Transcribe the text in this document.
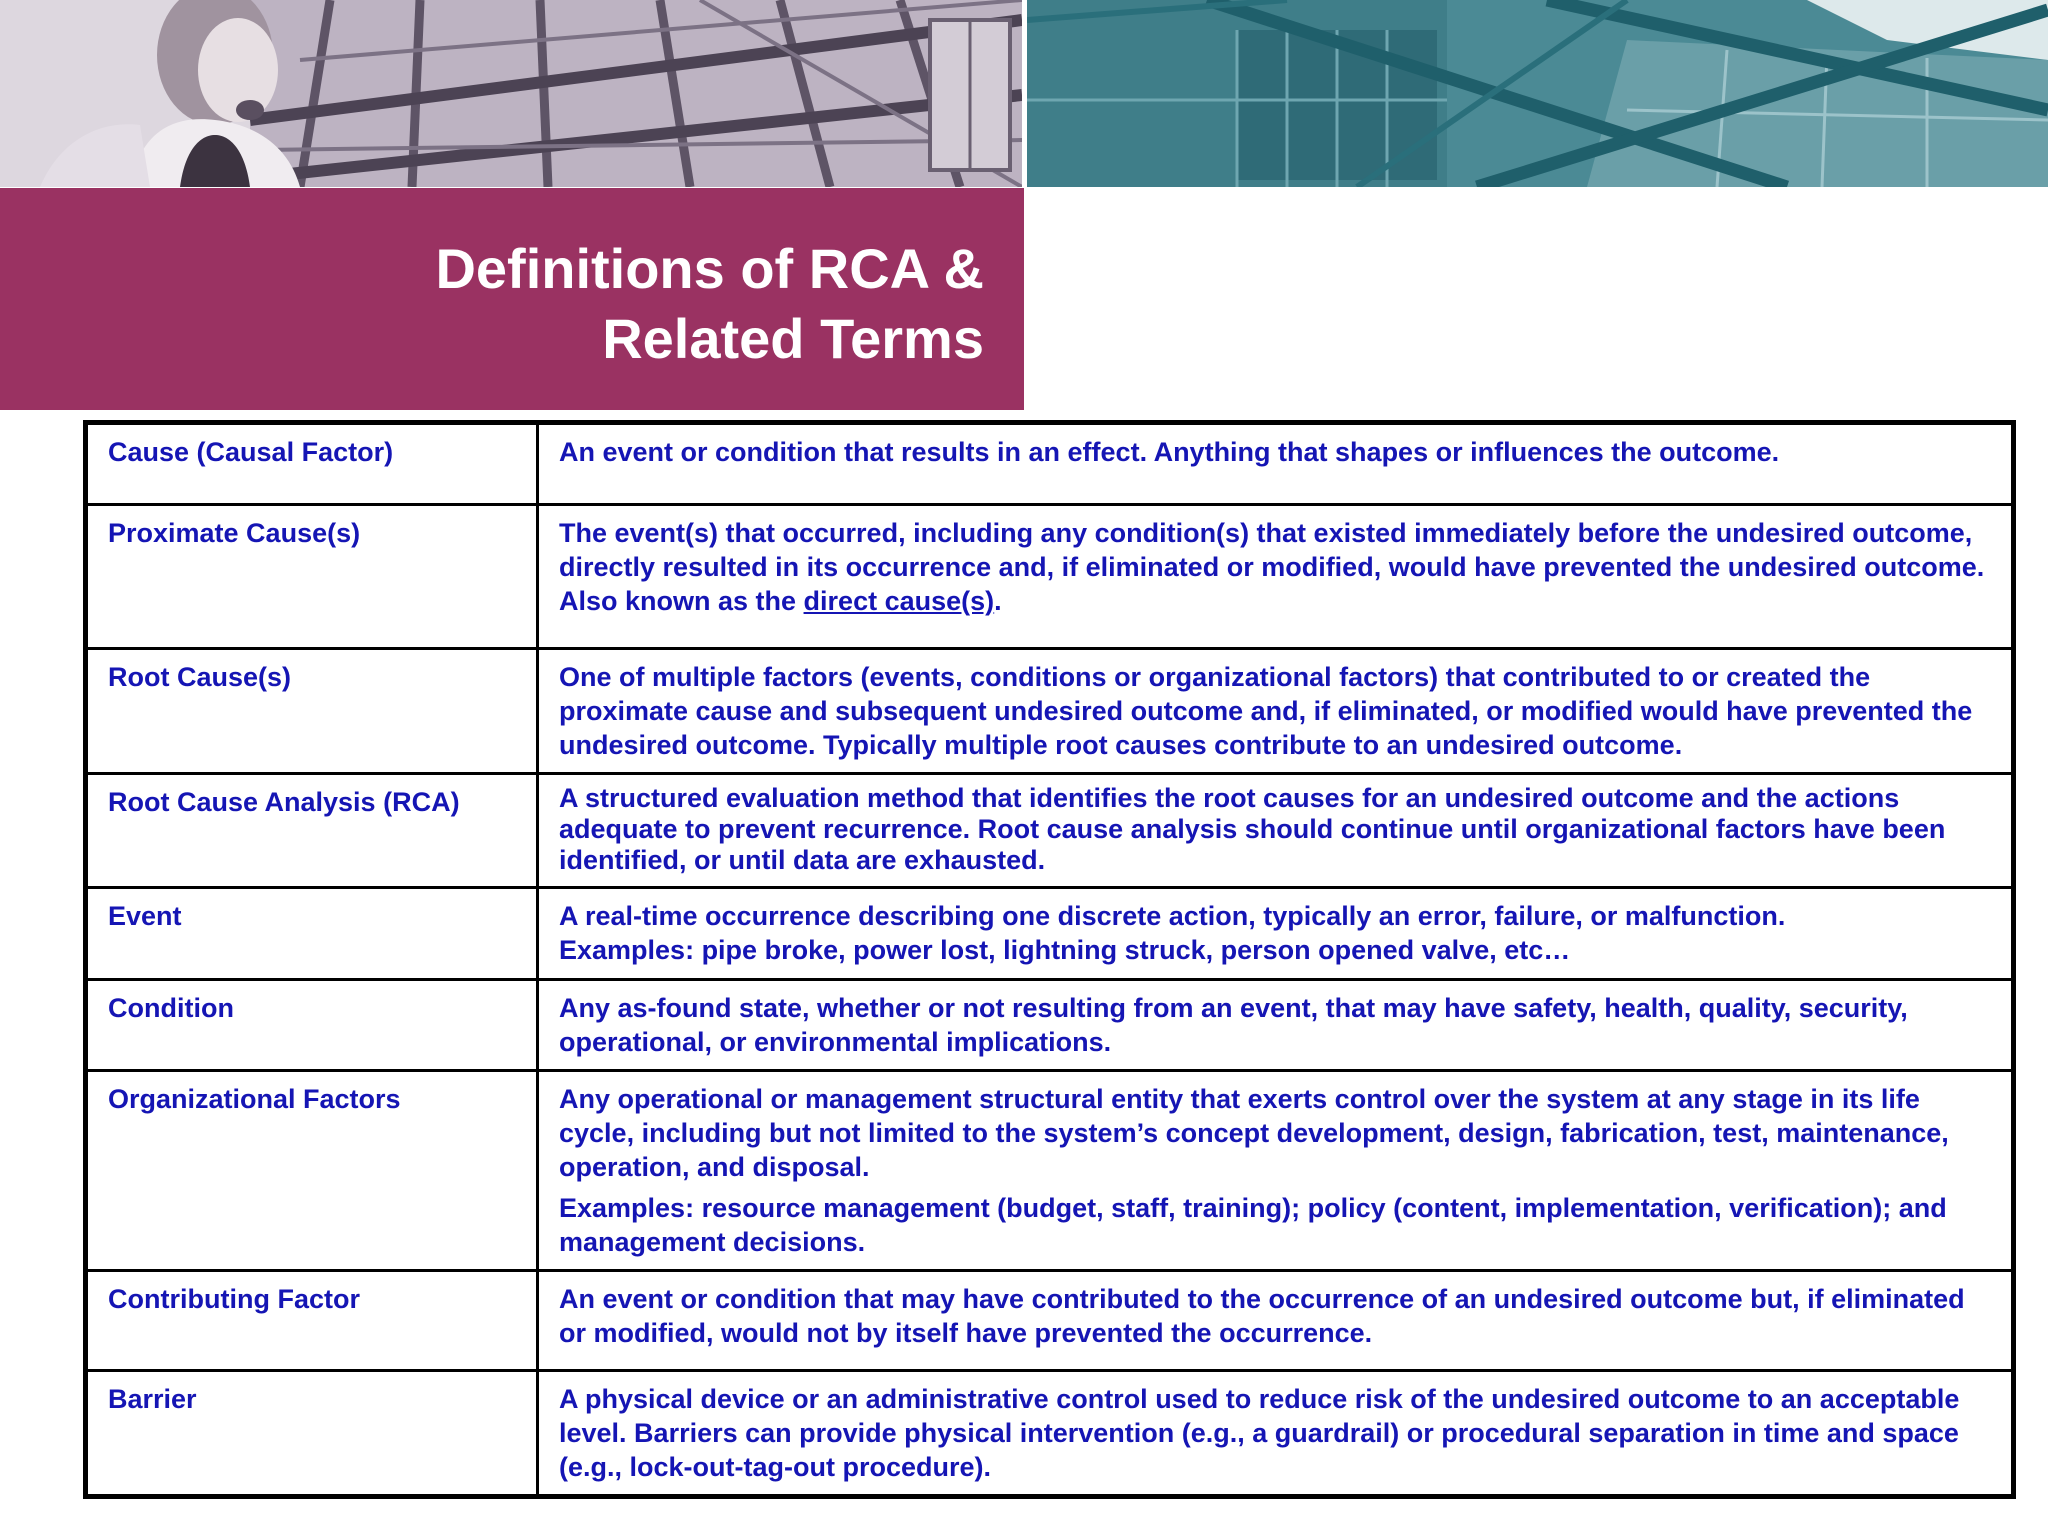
Definitions of RCA &
Related Terms

Cause (Causal Factor)	An event or condition that results in an effect. Anything that shapes or influences the outcome.

Proximate Cause(s)	The event(s) that occurred, including any condition(s) that existed immediately before the undesired outcome, directly resulted in its occurrence and, if eliminated or modified, would have prevented the undesired outcome. Also known as the direct cause(s).

Root Cause(s)	One of multiple factors (events, conditions or organizational factors) that contributed to or created the proximate cause and subsequent undesired outcome and, if eliminated, or modified would have prevented the undesired outcome. Typically multiple root causes contribute to an undesired outcome.

Root Cause Analysis (RCA)	A structured evaluation method that identifies the root causes for an undesired outcome and the actions adequate to prevent recurrence. Root cause analysis should continue until organizational factors have been identified, or until data are exhausted.

Event	A real-time occurrence describing one discrete action, typically an error, failure, or malfunction.
Examples: pipe broke, power lost, lightning struck, person opened valve, etc…

Condition	Any as-found state, whether or not resulting from an event, that may have safety, health, quality, security, operational, or environmental implications.

Organizational Factors	Any operational or management structural entity that exerts control over the system at any stage in its life cycle, including but not limited to the system’s concept development, design, fabrication, test, maintenance, operation, and disposal.

Examples: resource management (budget, staff, training); policy (content, implementation, verification); and management decisions.

Contributing Factor	An event or condition that may have contributed to the occurrence of an undesired outcome but, if eliminated or modified, would not by itself have prevented the occurrence.

Barrier	A physical device or an administrative control used to reduce risk of the undesired outcome to an acceptable level. Barriers can provide physical intervention (e.g., a guardrail) or procedural separation in time and space (e.g., lock-out-tag-out procedure).
